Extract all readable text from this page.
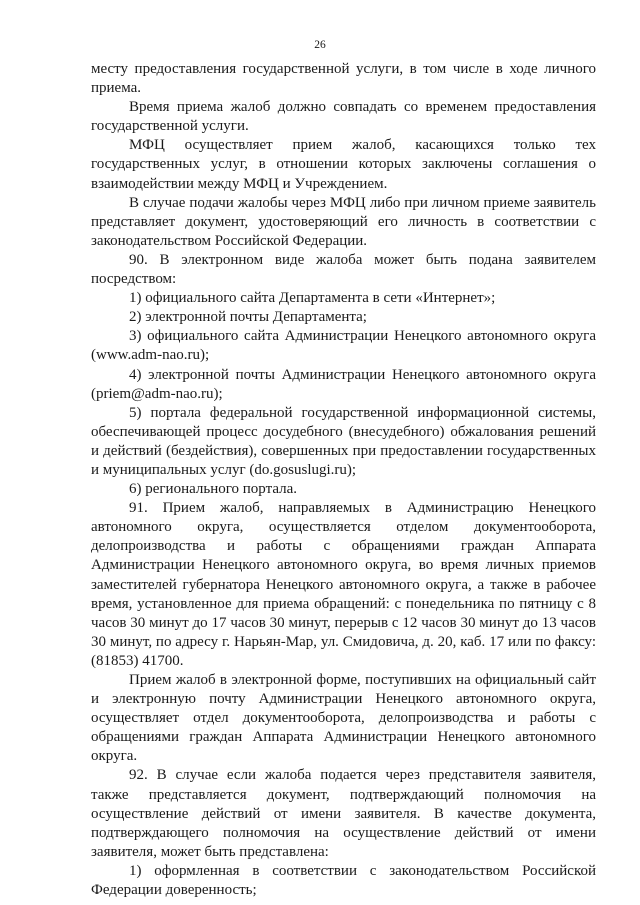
26

месту предоставления государственной услуги, в том числе в ходе личного приема.

Время приема жалоб должно совпадать со временем предоставления государственной услуги.

МФЦ осуществляет прием жалоб, касающихся только тех государственных услуг, в отношении которых заключены соглашения о взаимодействии между МФЦ и Учреждением.

В случае подачи жалобы через МФЦ либо при личном приеме заявитель представляет документ, удостоверяющий его личность в соответствии с законодательством Российской Федерации.

90. В электронном виде жалоба может быть подана заявителем посредством:

1) официального сайта Департамента в сети «Интернет»;

2) электронной почты Департамента;

3) официального сайта Администрации Ненецкого автономного округа (www.adm-nao.ru);

4) электронной почты Администрации Ненецкого автономного округа (priem@adm-nao.ru);

5) портала федеральной государственной информационной системы, обеспечивающей процесс досудебного (внесудебного) обжалования решений и действий (бездействия), совершенных при предоставлении государственных и муниципальных услуг (do.gosuslugi.ru);

6) регионального портала.

91. Прием жалоб, направляемых в Администрацию Ненецкого автономного округа, осуществляется отделом документооборота, делопроизводства и работы с обращениями граждан Аппарата Администрации Ненецкого автономного округа, во время личных приемов заместителей губернатора Ненецкого автономного округа, а также в рабочее время, установленное для приема обращений: с понедельника по пятницу с 8 часов 30 минут до 17 часов 30 минут, перерыв с 12 часов 30 минут до 13 часов 30 минут, по адресу г. Нарьян-Мар, ул. Смидовича, д. 20, каб. 17 или по факсу: (81853) 41700.

Прием жалоб в электронной форме, поступивших на официальный сайт и электронную почту Администрации Ненецкого автономного округа, осуществляет отдел документооборота, делопроизводства и работы с обращениями граждан Аппарата Администрации Ненецкого автономного округа.

92. В случае если жалоба подается через представителя заявителя, также представляется документ, подтверждающий полномочия на осуществление действий от имени заявителя. В качестве документа, подтверждающего полномочия на осуществление действий от имени заявителя, может быть представлена:

1) оформленная в соответствии с законодательством Российской Федерации доверенность;
